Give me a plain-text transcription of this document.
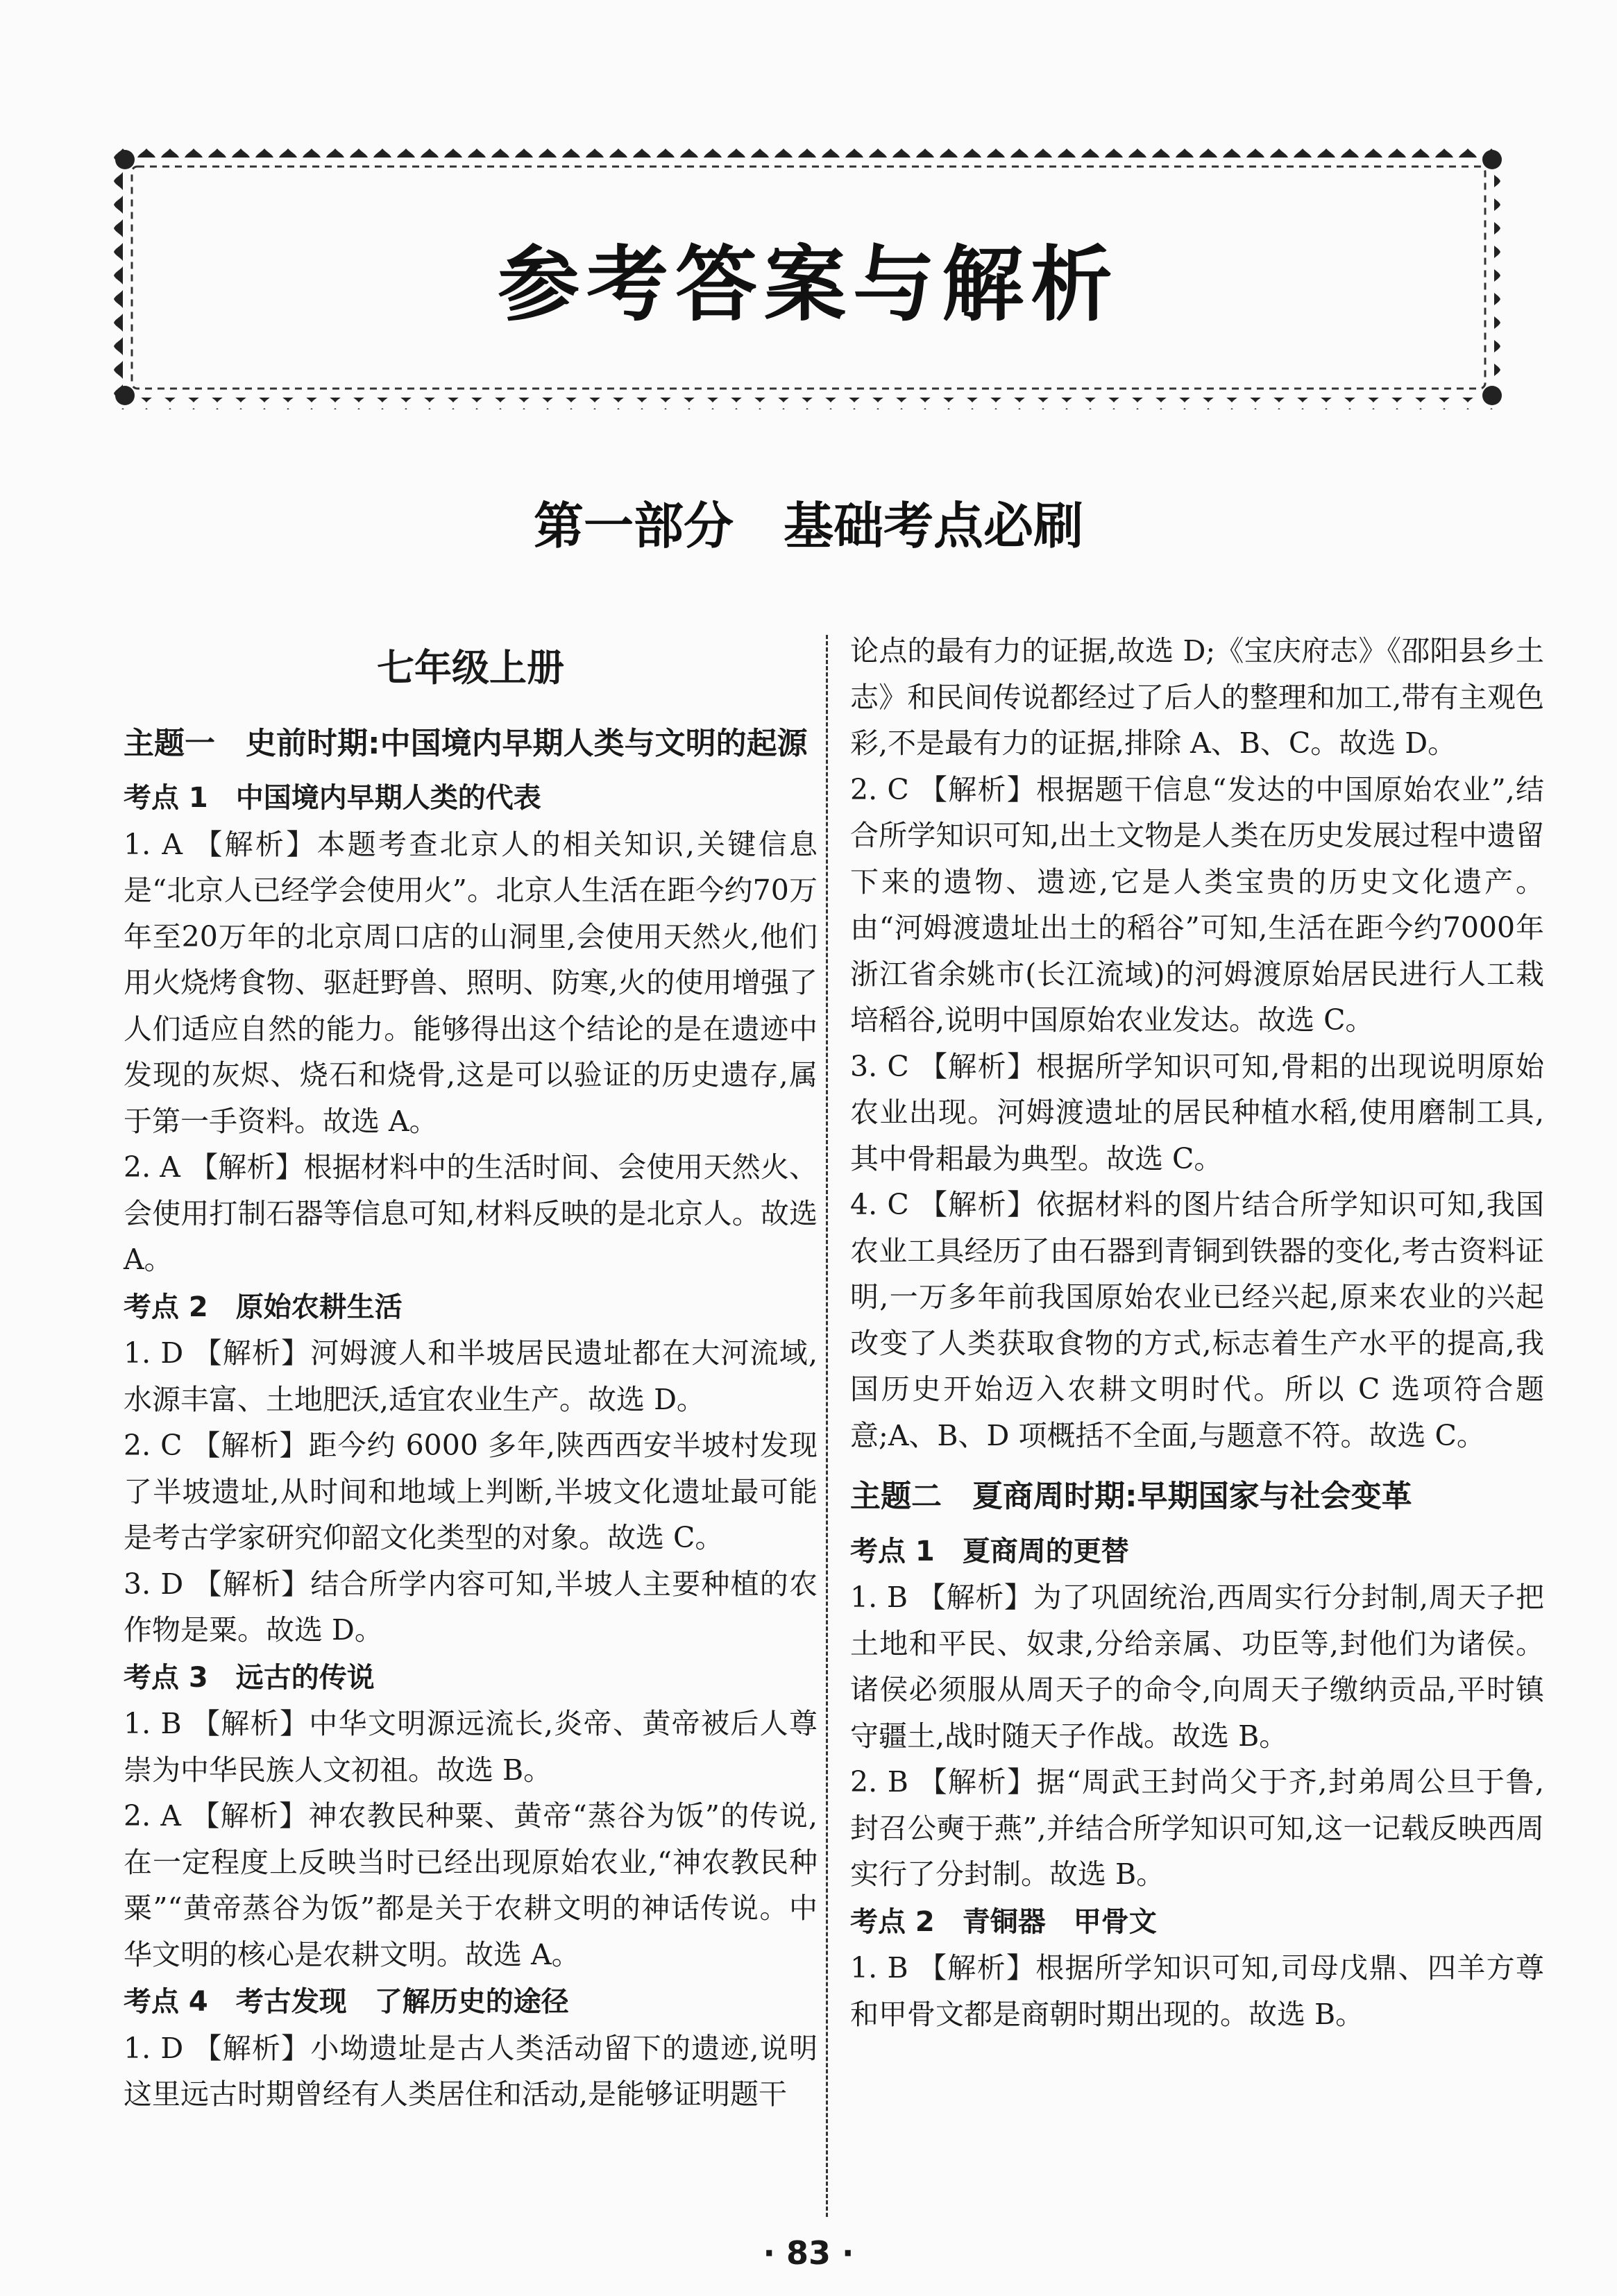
参考答案与解析
第一部分　基础考点必刷
七年级上册
主题一　史前时期:中国境内早期人类与文明的起源
考点 1　中国境内早期人类的代表
1. A 【解析】本题考查北京人的相关知识,关键信息是“北京人已经学会使用火”。北京人生活在距今约70万年至20万年的北京周口店的山洞里,会使用天然火,他们用火烧烤食物、驱赶野兽、照明、防寒,火的使用增强了人们适应自然的能力。能够得出这个结论的是在遗迹中发现的灰烬、烧石和烧骨,这是可以验证的历史遗存,属于第一手资料。故选 A。
2. A 【解析】根据材料中的生活时间、会使用天然火、会使用打制石器等信息可知,材料反映的是北京人。故选 A。
考点 2　原始农耕生活
1. D 【解析】河姆渡人和半坡居民遗址都在大河流域,水源丰富、土地肥沃,适宜农业生产。故选 D。
2. C 【解析】距今约 6000 多年,陕西西安半坡村发现了半坡遗址,从时间和地域上判断,半坡文化遗址最可能是考古学家研究仰韶文化类型的对象。故选 C。
3. D 【解析】结合所学内容可知,半坡人主要种植的农作物是粟。故选 D。
考点 3　远古的传说
1. B 【解析】中华文明源远流长,炎帝、黄帝被后人尊崇为中华民族人文初祖。故选 B。
2. A 【解析】神农教民种粟、黄帝“蒸谷为饭”的传说,在一定程度上反映当时已经出现原始农业,“神农教民种粟”“黄帝蒸谷为饭”都是关于农耕文明的神话传说。中华文明的核心是农耕文明。故选 A。
考点 4　考古发现　了解历史的途径
1. D 【解析】小坳遗址是古人类活动留下的遗迹,说明这里远古时期曾经有人类居住和活动,是能够证明题干
论点的最有力的证据,故选 D;《宝庆府志》《邵阳县乡土志》和民间传说都经过了后人的整理和加工,带有主观色彩,不是最有力的证据,排除 A、B、C。故选 D。
2. C 【解析】根据题干信息“发达的中国原始农业”,结合所学知识可知,出土文物是人类在历史发展过程中遗留下来的遗物、遗迹,它是人类宝贵的历史文化遗产。由“河姆渡遗址出土的稻谷”可知,生活在距今约7000年浙江省余姚市(长江流域)的河姆渡原始居民进行人工栽培稻谷,说明中国原始农业发达。故选 C。
3. C 【解析】根据所学知识可知,骨耜的出现说明原始农业出现。河姆渡遗址的居民种植水稻,使用磨制工具,其中骨耜最为典型。故选 C。
4. C 【解析】依据材料的图片结合所学知识可知,我国农业工具经历了由石器到青铜到铁器的变化,考古资料证明,一万多年前我国原始农业已经兴起,原来农业的兴起改变了人类获取食物的方式,标志着生产水平的提高,我国历史开始迈入农耕文明时代。所以 C 选项符合题意;A、B、D 项概括不全面,与题意不符。故选 C。
主题二　夏商周时期:早期国家与社会变革
考点 1　夏商周的更替
1. B 【解析】为了巩固统治,西周实行分封制,周天子把土地和平民、奴隶,分给亲属、功臣等,封他们为诸侯。诸侯必须服从周天子的命令,向周天子缴纳贡品,平时镇守疆土,战时随天子作战。故选 B。
2. B 【解析】据“周武王封尚父于齐,封弟周公旦于鲁,封召公奭于燕”,并结合所学知识可知,这一记载反映西周实行了分封制。故选 B。
考点 2　青铜器　甲骨文
1. B 【解析】根据所学知识可知,司母戊鼎、四羊方尊和甲骨文都是商朝时期出现的。故选 B。
· 83 ·
